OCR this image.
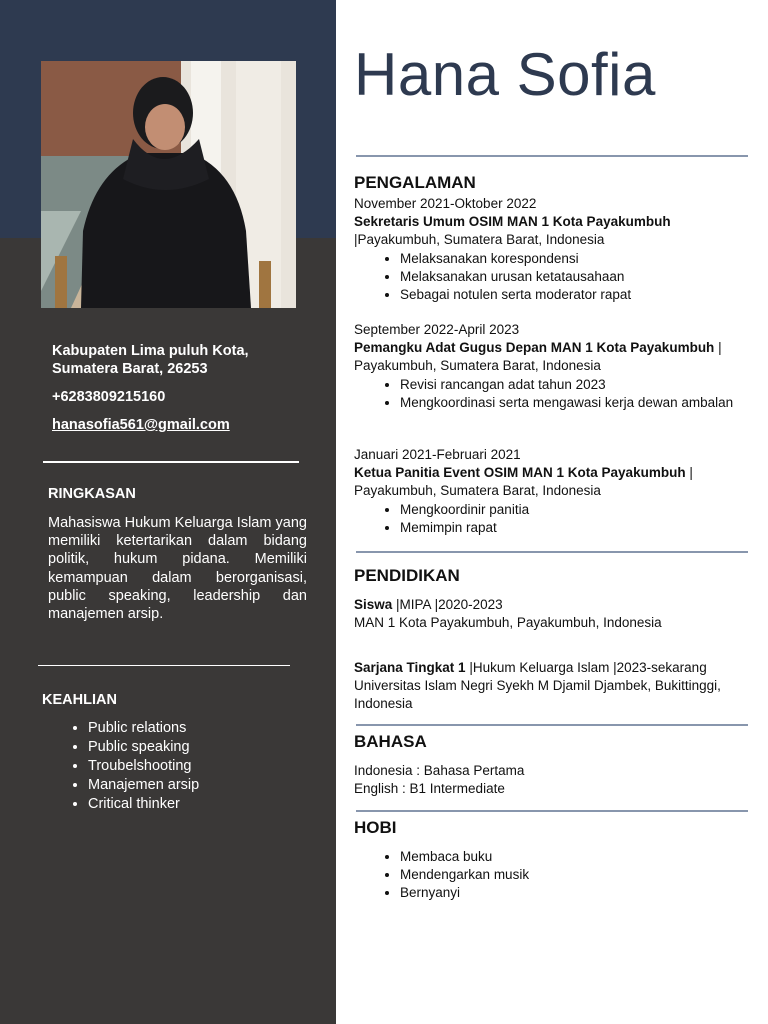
Kabupaten Lima puluh Kota, Sumatera Barat, 26253
+6283809215160
hanasofia561@gmail.com
RINGKASAN
Mahasiswa Hukum Keluarga Islam yang memiliki ketertarikan dalam bidang politik, hukum pidana. Memiliki kemampuan dalam berorganisasi, public speaking, leadership dan manajemen arsip.
KEAHLIAN
• Public relations
• Public speaking
• Troubelshooting
• Manajemen arsip
• Critical thinker
Hana Sofia
PENGALAMAN
November 2021-Oktober 2022
Sekretaris Umum OSIM MAN 1 Kota Payakumbuh
|Payakumbuh, Sumatera Barat, Indonesia
• Melaksanakan korespondensi
• Melaksanakan urusan ketatausahaan
• Sebagai notulen serta moderator rapat
September 2022-April 2023
Pemangku Adat Gugus Depan MAN 1 Kota Payakumbuh | Payakumbuh, Sumatera Barat, Indonesia
• Revisi rancangan adat tahun 2023
• Mengkoordinasi serta mengawasi kerja dewan ambalan
Januari 2021-Februari 2021
Ketua Panitia Event OSIM MAN 1 Kota Payakumbuh | Payakumbuh, Sumatera Barat, Indonesia
• Mengkoordinir panitia
• Memimpin rapat
PENDIDIKAN
Siswa |MIPA |2020-2023
MAN 1 Kota Payakumbuh, Payakumbuh, Indonesia
Sarjana Tingkat 1 |Hukum Keluarga Islam |2023-sekarang
Universitas Islam Negri Syekh M Djamil Djambek, Bukittinggi, Indonesia
BAHASA
Indonesia : Bahasa Pertama
English : B1 Intermediate
HOBI
• Membaca buku
• Mendengarkan musik
• Bernyanyi
